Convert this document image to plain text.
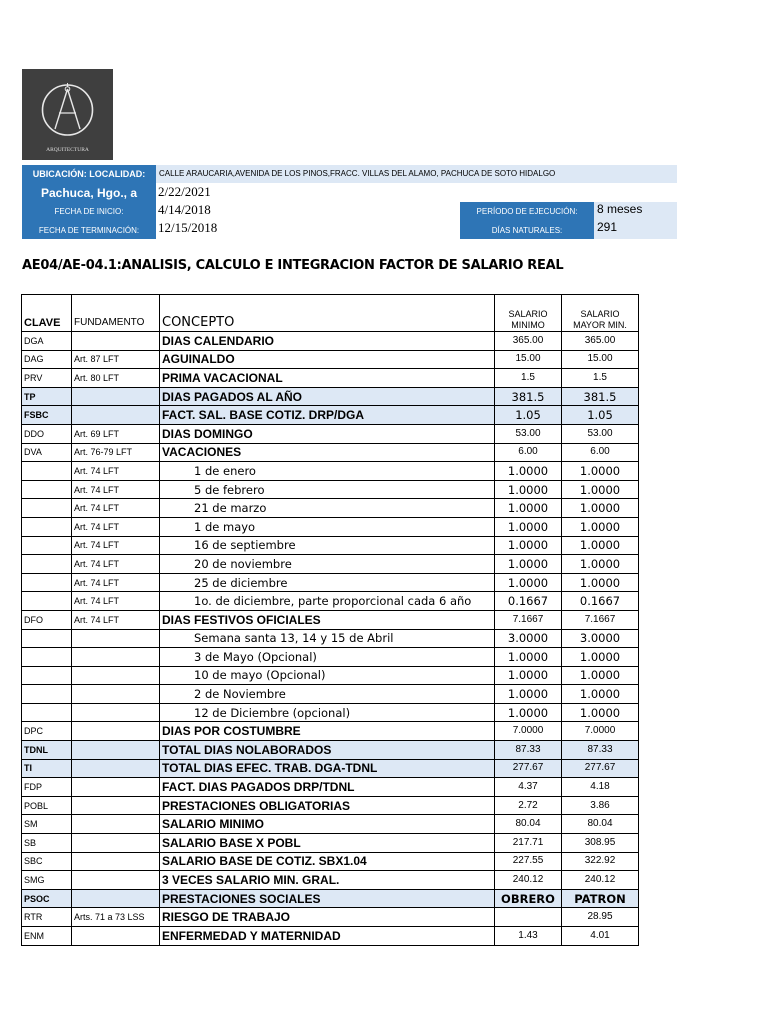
ARQUITECTURA
UBICACIÓN: LOCALIDAD:	CALLE ARAUCARIA,AVENIDA DE LOS PINOS,FRACC. VILLAS DEL ALAMO, PACHUCA DE SOTO HIDALGO
Pachuca, Hgo., a	2/22/2021
FECHA DE INICIO:	4/14/2018
FECHA DE TERMINACIÓN:	12/15/2018
PERÍODO DE EJECUCIÓN:	8 meses
DÍAS NATURALES:	291
AE04/AE-04.1:ANALISIS, CALCULO E INTEGRACION FACTOR DE SALARIO REAL
CLAVE	FUNDAMENTO	CONCEPTO	SALARIO MINIMO	SALARIO MAYOR MIN.
DGA		DIAS CALENDARIO	365.00	365.00
DAG	Art. 87 LFT	AGUINALDO	15.00	15.00
PRV	Art. 80 LFT	PRIMA VACACIONAL	1.5	1.5
TP		DIAS PAGADOS AL AÑO	381.5	381.5
FSBC		FACT. SAL. BASE COTIZ. DRP/DGA	1.05	1.05
DDO	Art. 69 LFT	DIAS DOMINGO	53.00	53.00
DVA	Art. 76-79 LFT	VACACIONES	6.00	6.00
	Art. 74 LFT	1 de enero	1.0000	1.0000
	Art. 74 LFT	5 de febrero	1.0000	1.0000
	Art. 74 LFT	21 de marzo	1.0000	1.0000
	Art. 74 LFT	1 de mayo	1.0000	1.0000
	Art. 74 LFT	16 de septiembre	1.0000	1.0000
	Art. 74 LFT	20 de noviembre	1.0000	1.0000
	Art. 74 LFT	25 de diciembre	1.0000	1.0000
	Art. 74 LFT	1o. de diciembre, parte proporcional cada 6 año	0.1667	0.1667
DFO	Art. 74 LFT	DIAS FESTIVOS OFICIALES	7.1667	7.1667
		Semana santa 13, 14 y 15 de Abril	3.0000	3.0000
		3 de Mayo (Opcional)	1.0000	1.0000
		10 de mayo (Opcional)	1.0000	1.0000
		2 de Noviembre	1.0000	1.0000
		12 de Diciembre (opcional)	1.0000	1.0000
DPC		DIAS POR COSTUMBRE	7.0000	7.0000
TDNL		TOTAL DIAS NOLABORADOS	87.33	87.33
TI		TOTAL DIAS EFEC. TRAB. DGA-TDNL	277.67	277.67
FDP		FACT. DIAS PAGADOS DRP/TDNL	4.37	4.18
POBL		PRESTACIONES OBLIGATORIAS	2.72	3.86
SM		SALARIO MINIMO	80.04	80.04
SB		SALARIO BASE X POBL	217.71	308.95
SBC		SALARIO BASE DE COTIZ. SBX1.04	227.55	322.92
SMG		3 VECES SALARIO MIN. GRAL.	240.12	240.12
PSOC		PRESTACIONES SOCIALES	OBRERO	PATRON
RTR	Arts. 71 a 73 LSS	RIESGO DE TRABAJO		28.95
ENM		ENFERMEDAD Y MATERNIDAD	1.43	4.01
